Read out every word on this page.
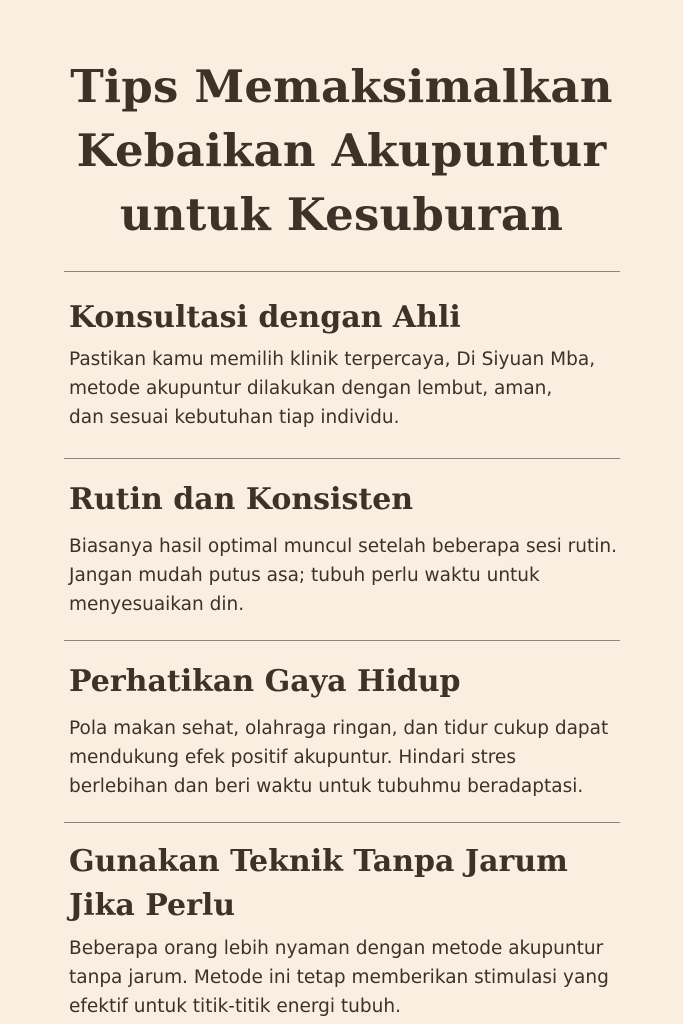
Tips Memaksimalkan
Kebaikan Akupuntur
untuk Kesuburan
Konsultasi dengan Ahli

Pastikan kamu memilih klinik terpercaya, Di Siyuan Mba,
metode akupuntur dilakukan dengan lembut, aman,
dan sesuai kebutuhan tiap individu.

Rutin dan Konsisten

Biasanya hasil optimal muncul setelah beberapa sesi rutin.
Jangan mudah putus asa; tubuh perlu waktu untuk
menyesuaikan din.

Perhatikan Gaya Hidup

Pola makan sehat, olahraga ringan, dan tidur cukup dapat
mendukung efek positif akupuntur. Hindari stres
berlebihan dan beri waktu untuk tubuhmu beradaptasi.

Gunakan Teknik Tanpa Jarum
Jika Perlu

Beberapa orang lebih nyaman dengan metode akupuntur
tanpa jarum. Metode ini tetap memberikan stimulasi yang
efektif untuk titik-titik energi tubuh.
